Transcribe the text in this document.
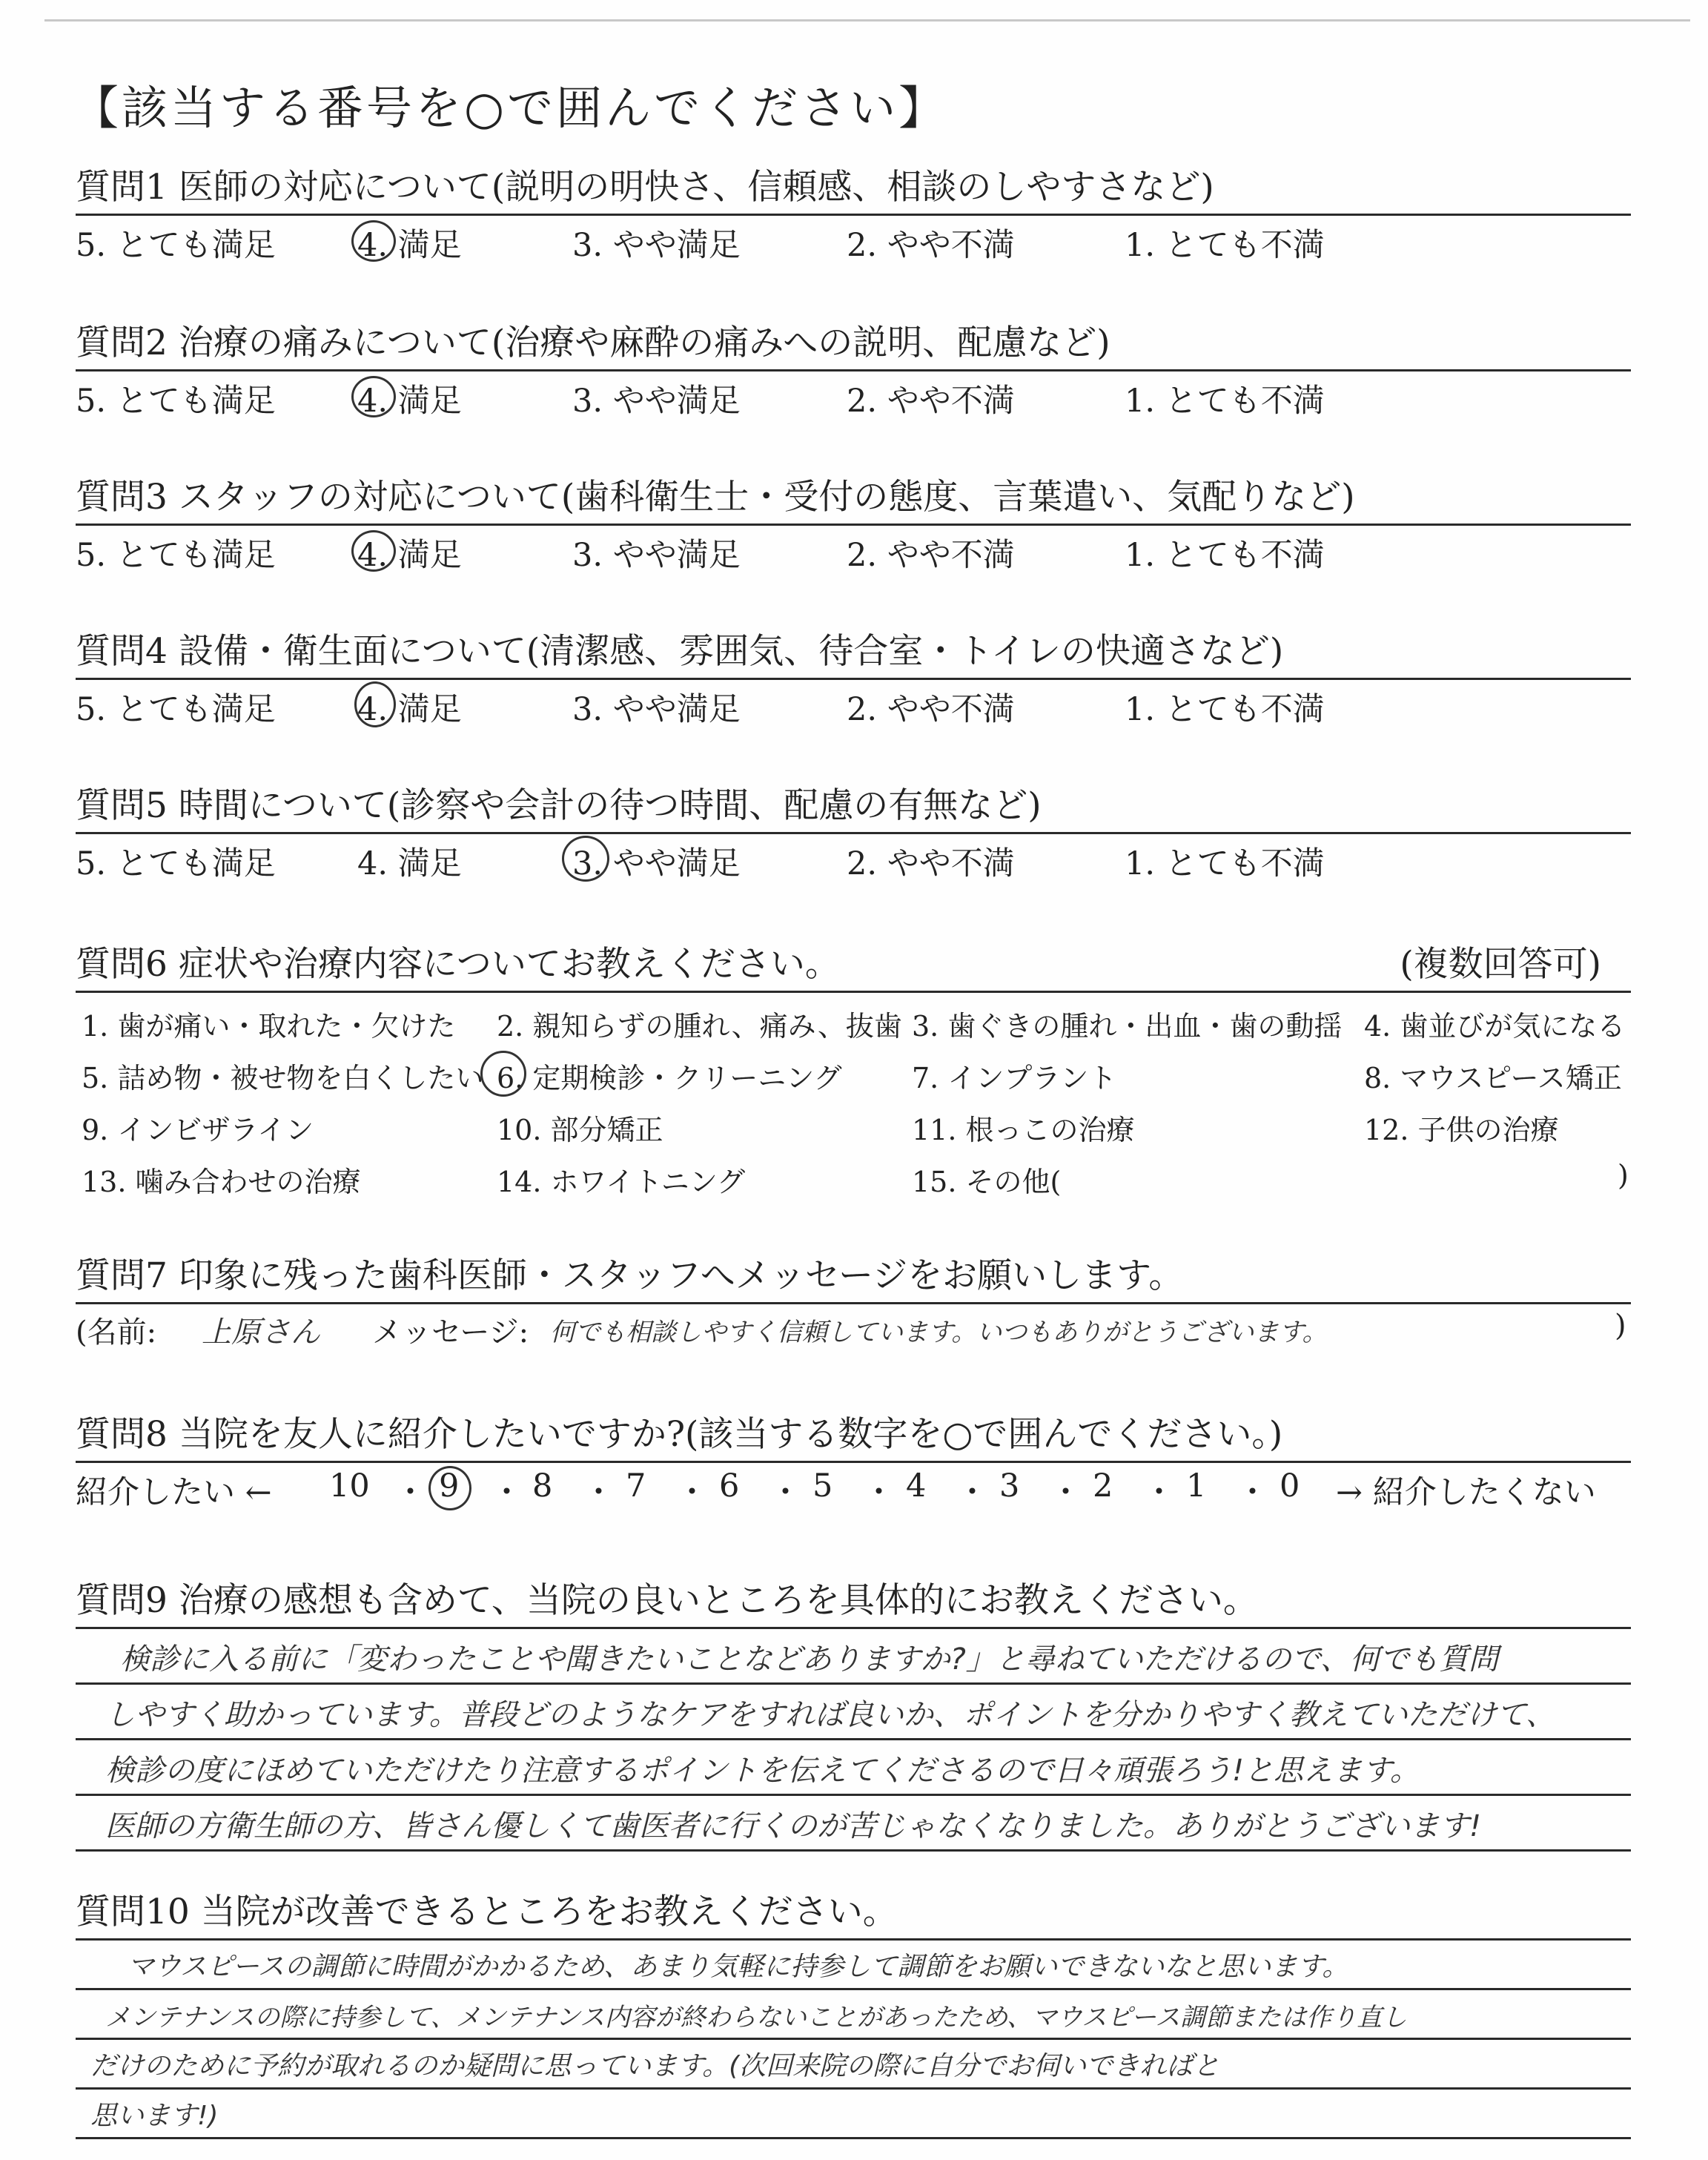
【該当する番号を○で囲んでください】
質問1 医師の対応について(説明の明快さ、信頼感、相談のしやすさなど)
5. とても満足	4. 満足	3. やや満足	2. やや不満	1. とても不満
質問2 治療の痛みについて(治療や麻酔の痛みへの説明、配慮など)
5. とても満足	4. 満足	3. やや満足	2. やや不満	1. とても不満
質問3 スタッフの対応について(歯科衛生士・受付の態度、言葉遣い、気配りなど)
5. とても満足	4. 満足	3. やや満足	2. やや不満	1. とても不満
質問4 設備・衛生面について(清潔感、雰囲気、待合室・トイレの快適さなど)
5. とても満足	4. 満足	3. やや満足	2. やや不満	1. とても不満
質問5 時間について(診察や会計の待つ時間、配慮の有無など)
5. とても満足	4. 満足	3. やや満足	2. やや不満	1. とても不満
質問6 症状や治療内容についてお教えください。	(複数回答可)
1. 歯が痛い・取れた・欠けた 2. 親知らずの腫れ、痛み、抜歯 3. 歯ぐきの腫れ・出血・歯の動揺 4. 歯並びが気になる
5. 詰め物・被せ物を白くしたい 6. 定期検診・クリーニング 7. インプラント	8. マウスピース矯正
9. インビザライン	10. 部分矯正	11. 根っこの治療	12. 子供の治療
13. 噛み合わせの治療	14. ホワイトニング	15. その他(	)
質問7 印象に残った歯科医師・スタッフへメッセージをお願いします。
(名前: 上原さん メッセージ: 何でも相談しやすく信頼しています。いつもありがとうございます。	)
質問8 当院を友人に紹介したいですか?(該当する数字を○で囲んでください。)
紹介したい ← 10 ・ 9 ・ 8 ・ 7 ・ 6 ・ 5 ・ 4 ・ 3 ・ 2 ・ 1 ・ 0 → 紹介したくない
質問9 治療の感想も含めて、当院の良いところを具体的にお教えください。
検診に入る前に「変わったことや聞きたいことなどありますか?」と尋ねていただけるので、何でも質問
しやすく助かっています。普段どのようなケアをすれば良いか、ポイントを分かりやすく教えていただけて、
検診の度にほめていただけたり注意するポイントを伝えてくださるので日々頑張ろう!と思えます。
医師の方衛生師の方、皆さん優しくて歯医者に行くのが苦じゃなくなりました。ありがとうございます!
質問10 当院が改善できるところをお教えください。
マウスピースの調節に時間がかかるため、あまり気軽に持参して調節をお願いできないなと思います。
メンテナンスの際に持参して、メンテナンス内容が終わらないことがあったため、マウスピース調節または作り直し
だけのために予約が取れるのか疑問に思っています。(次回来院の際に自分でお伺いできればと
思います!)
